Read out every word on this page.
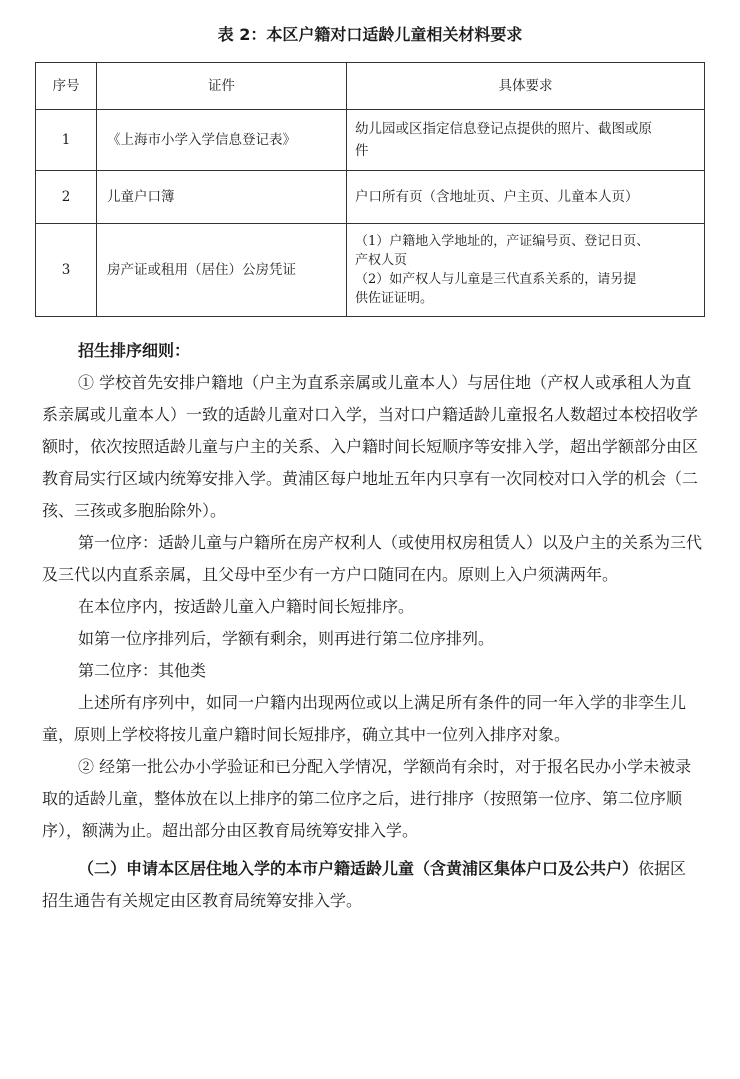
表 2：本区户籍对口适龄儿童相关材料要求
序号	证件	具体要求
1	《上海市小学入学信息登记表》	幼儿园或区指定信息登记点提供的照片、截图或原
件

2	儿童户口簿	户口所有页（含地址页、户主页、儿童本人页）

3	房产证或租用（居住）公房凭证	（1）户籍地入学地址的，产证编号页、登记日页、
产权人页
（2）如产权人与儿童是三代直系关系的，请另提
供佐证证明。

招生排序细则：

① 学校首先安排户籍地（户主为直系亲属或儿童本人）与居住地（产权人或承租人为直系亲属或儿童本人）一致的适龄儿童对口入学，当对口户籍适龄儿童报名人数超过本校招收学额时，依次按照适龄儿童与户主的关系、入户籍时间长短顺序等安排入学，超出学额部分由区教育局实行区域内统筹安排入学。黄浦区每户地址五年内只享有一次同校对口入学的机会（二孩、三孩或多胞胎除外）。

第一位序：适龄儿童与户籍所在房产权利人（或使用权房租赁人）以及户主的关系为三代及三代以内直系亲属，且父母中至少有一方户口随同在内。原则上入户须满两年。

在本位序内，按适龄儿童入户籍时间长短排序。

如第一位序排列后，学额有剩余，则再进行第二位序排列。

第二位序：其他类

上述所有序列中，如同一户籍内出现两位或以上满足所有条件的同一年入学的非孪生儿童，原则上学校将按儿童户籍时间长短排序，确立其中一位列入排序对象。

② 经第一批公办小学验证和已分配入学情况，学额尚有余时，对于报名民办小学未被录取的适龄儿童，整体放在以上排序的第二位序之后，进行排序（按照第一位序、第二位序顺序），额满为止。超出部分由区教育局统筹安排入学。

（二）申请本区居住地入学的本市户籍适龄儿童（含黄浦区集体户口及公共户）依据区招生通告有关规定由区教育局统筹安排入学。
